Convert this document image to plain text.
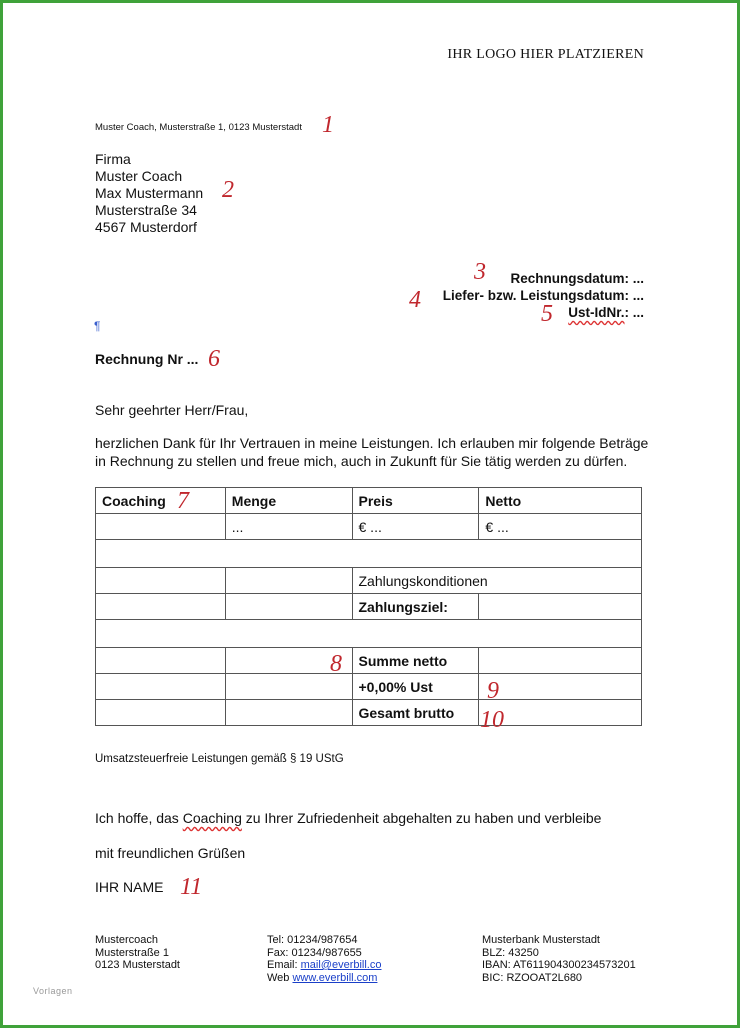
IHR LOGO HIER PLATZIEREN
Muster Coach, Musterstraße 1, 0123 Musterstadt 1
Firma
Muster Coach
Max Mustermann
Musterstraße 34
4567 Musterdorf
2
Rechnungsdatum: ...
3
Liefer- bzw. Leistungsdatum: ...
4	Ust-IdNr.: ...
5
¶
Rechnung Nr ... 6
Sehr geehrter Herr/Frau,
herzlichen Dank für Ihr Vertrauen in meine Leistungen. Ich erlauben mir folgende Beträge in Rechnung zu stellen und freue mich, auch in Zukunft für Sie tätig werden zu dürfen.
Coaching	Menge	Preis	Netto
	...	€ ...	€ ...

		Zahlungskonditionen	
		Zahlungsziel:	

		Summe netto	
		+0,00% Ust	
		Gesamt brutto	
7
8
9
10
Umsatzsteuerfreie Leistungen gemäß § 19 UStG
Ich hoffe, das Coaching zu Ihrer Zufriedenheit abgehalten zu haben und verbleibe
mit freundlichen Grüßen
IHR NAME 11
Mustercoach
Musterstraße 1
0123 Musterstadt
Tel: 01234/987654
Fax: 01234/987655
Email: mail@everbill.co
Web www.everbill.com
Musterbank Musterstadt
BLZ: 43250
IBAN: AT611904300234573201
BIC: RZOOAT2L680
Vorlagen
